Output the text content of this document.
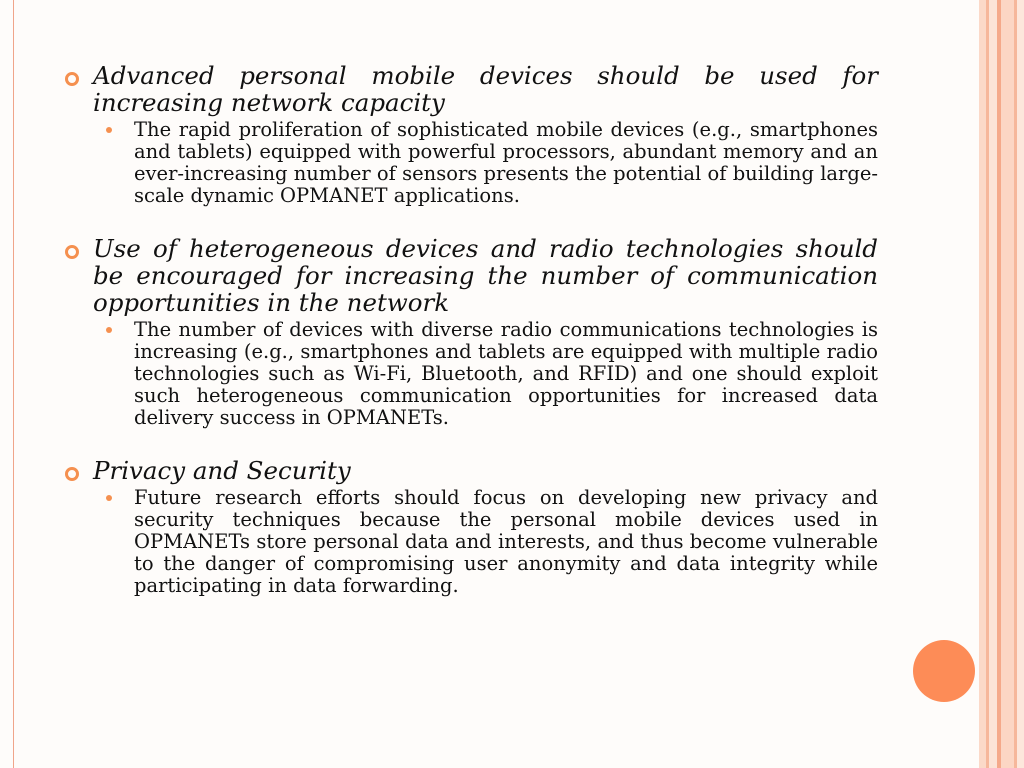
Advanced personal mobile devices should be used for increasing network capacity
The rapid proliferation of sophisticated mobile devices (e.g., smartphones and tablets) equipped with powerful processors, abundant memory and an ever-increasing number of sensors presents the potential of building large-scale dynamic OPMANET applications.
Use of heterogeneous devices and radio technologies should be encouraged for increasing the number of communication opportunities in the network
The number of devices with diverse radio communications technologies is increasing (e.g., smartphones and tablets are equipped with multiple radio technologies such as Wi-Fi, Bluetooth, and RFID) and one should exploit such heterogeneous communication opportunities for increased data delivery success in OPMANETs.
Privacy and Security
Future research efforts should focus on developing new privacy and security techniques because the personal mobile devices used in OPMANETs store personal data and interests, and thus become vulnerable to the danger of compromising user anonymity and data integrity while participating in data forwarding.
